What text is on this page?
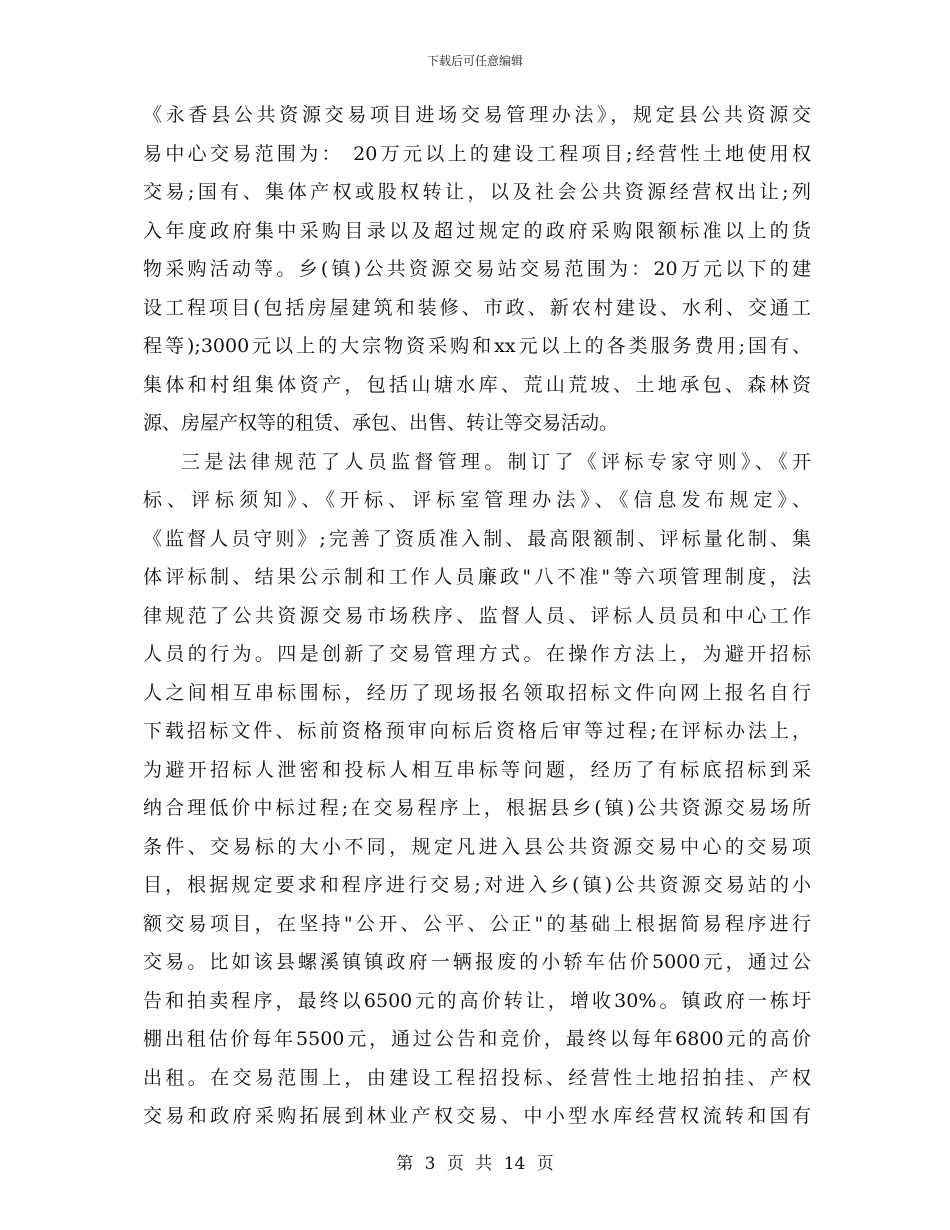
下载后可任意编辑
《永香县公共资源交易项目进场交易管理办法》，规定县公共资源交
易中心交易范围为： 20万元以上的建设工程项目;经营性土地使用权
交易;国有、集体产权或股权转让，以及社会公共资源经营权出让;列
入年度政府集中采购目录以及超过规定的政府采购限额标准以上的货
物采购活动等。乡(镇)公共资源交易站交易范围为：20万元以下的建
设工程项目(包括房屋建筑和装修、市政、新农村建设、水利、交通工
程等);3000元以上的大宗物资采购和xx元以上的各类服务费用;国有、
集体和村组集体资产，包括山塘水库、荒山荒坡、土地承包、森林资
源、房屋产权等的租赁、承包、出售、转让等交易活动。
三是法律规范了人员监督管理。制订了《评标专家守则》、《开
标、评标须知》、《开标、评标室管理办法》、《信息发布规定》、
《监督人员守则》;完善了资质准入制、最高限额制、评标量化制、集
体评标制、结果公示制和工作人员廉政"八不准"等六项管理制度，法
律规范了公共资源交易市场秩序、监督人员、评标人员员和中心工作
人员的行为。四是创新了交易管理方式。在操作方法上，为避开招标
人之间相互串标围标，经历了现场报名领取招标文件向网上报名自行
下载招标文件、标前资格预审向标后资格后审等过程;在评标办法上，
为避开招标人泄密和投标人相互串标等问题，经历了有标底招标到采
纳合理低价中标过程;在交易程序上，根据县乡(镇)公共资源交易场所
条件、交易标的大小不同，规定凡进入县公共资源交易中心的交易项
目，根据规定要求和程序进行交易;对进入乡(镇)公共资源交易站的小
额交易项目，在坚持"公开、公平、公正"的基础上根据简易程序进行
交易。比如该县螺溪镇镇政府一辆报废的小轿车估价5000元，通过公
告和拍卖程序，最终以6500元的高价转让，增收30%。镇政府一栋圩
棚出租估价每年5500元，通过公告和竞价，最终以每年6800元的高价
出租。在交易范围上，由建设工程招投标、经营性土地招拍挂、产权
交易和政府采购拓展到林业产权交易、中小型水库经营权流转和国有
第 3 页 共 14 页
